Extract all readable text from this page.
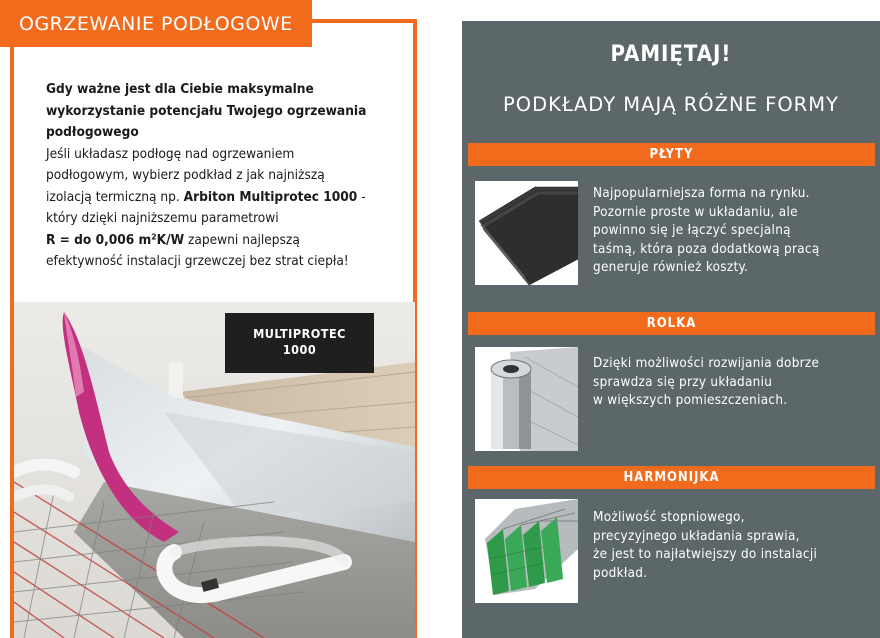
OGRZEWANIE PODŁOGOWE
Gdy ważne jest dla Ciebie maksymalne
wykorzystanie potencjału Twojego ogrzewania
podłogowego
Jeśli układasz podłogę nad ogrzewaniem
podłogowym, wybierz podkład z jak najniższą
izolacją termiczną np. Arbiton Multiprotec 1000 -
który dzięki najniższemu parametrowi
R = do 0,006 m²K/W zapewni najlepszą
efektywność instalacji grzewczej bez strat ciepła!
MULTIPROTEC
1000
PAMIĘTAJ!
PODKŁADY MAJĄ RÓŻNE FORMY
PŁYTY
Najpopularniejsza forma na rynku.
Pozornie proste w układaniu, ale
powinno się je łączyć specjalną
taśmą, która poza dodatkową pracą
generuje również koszty.
ROLKA
Dzięki możliwości rozwijania dobrze
sprawdza się przy układaniu
w większych pomieszczeniach.
HARMONIJKA
Możliwość stopniowego,
precyzyjnego układania sprawia,
że jest to najłatwiejszy do instalacji
podkład.
